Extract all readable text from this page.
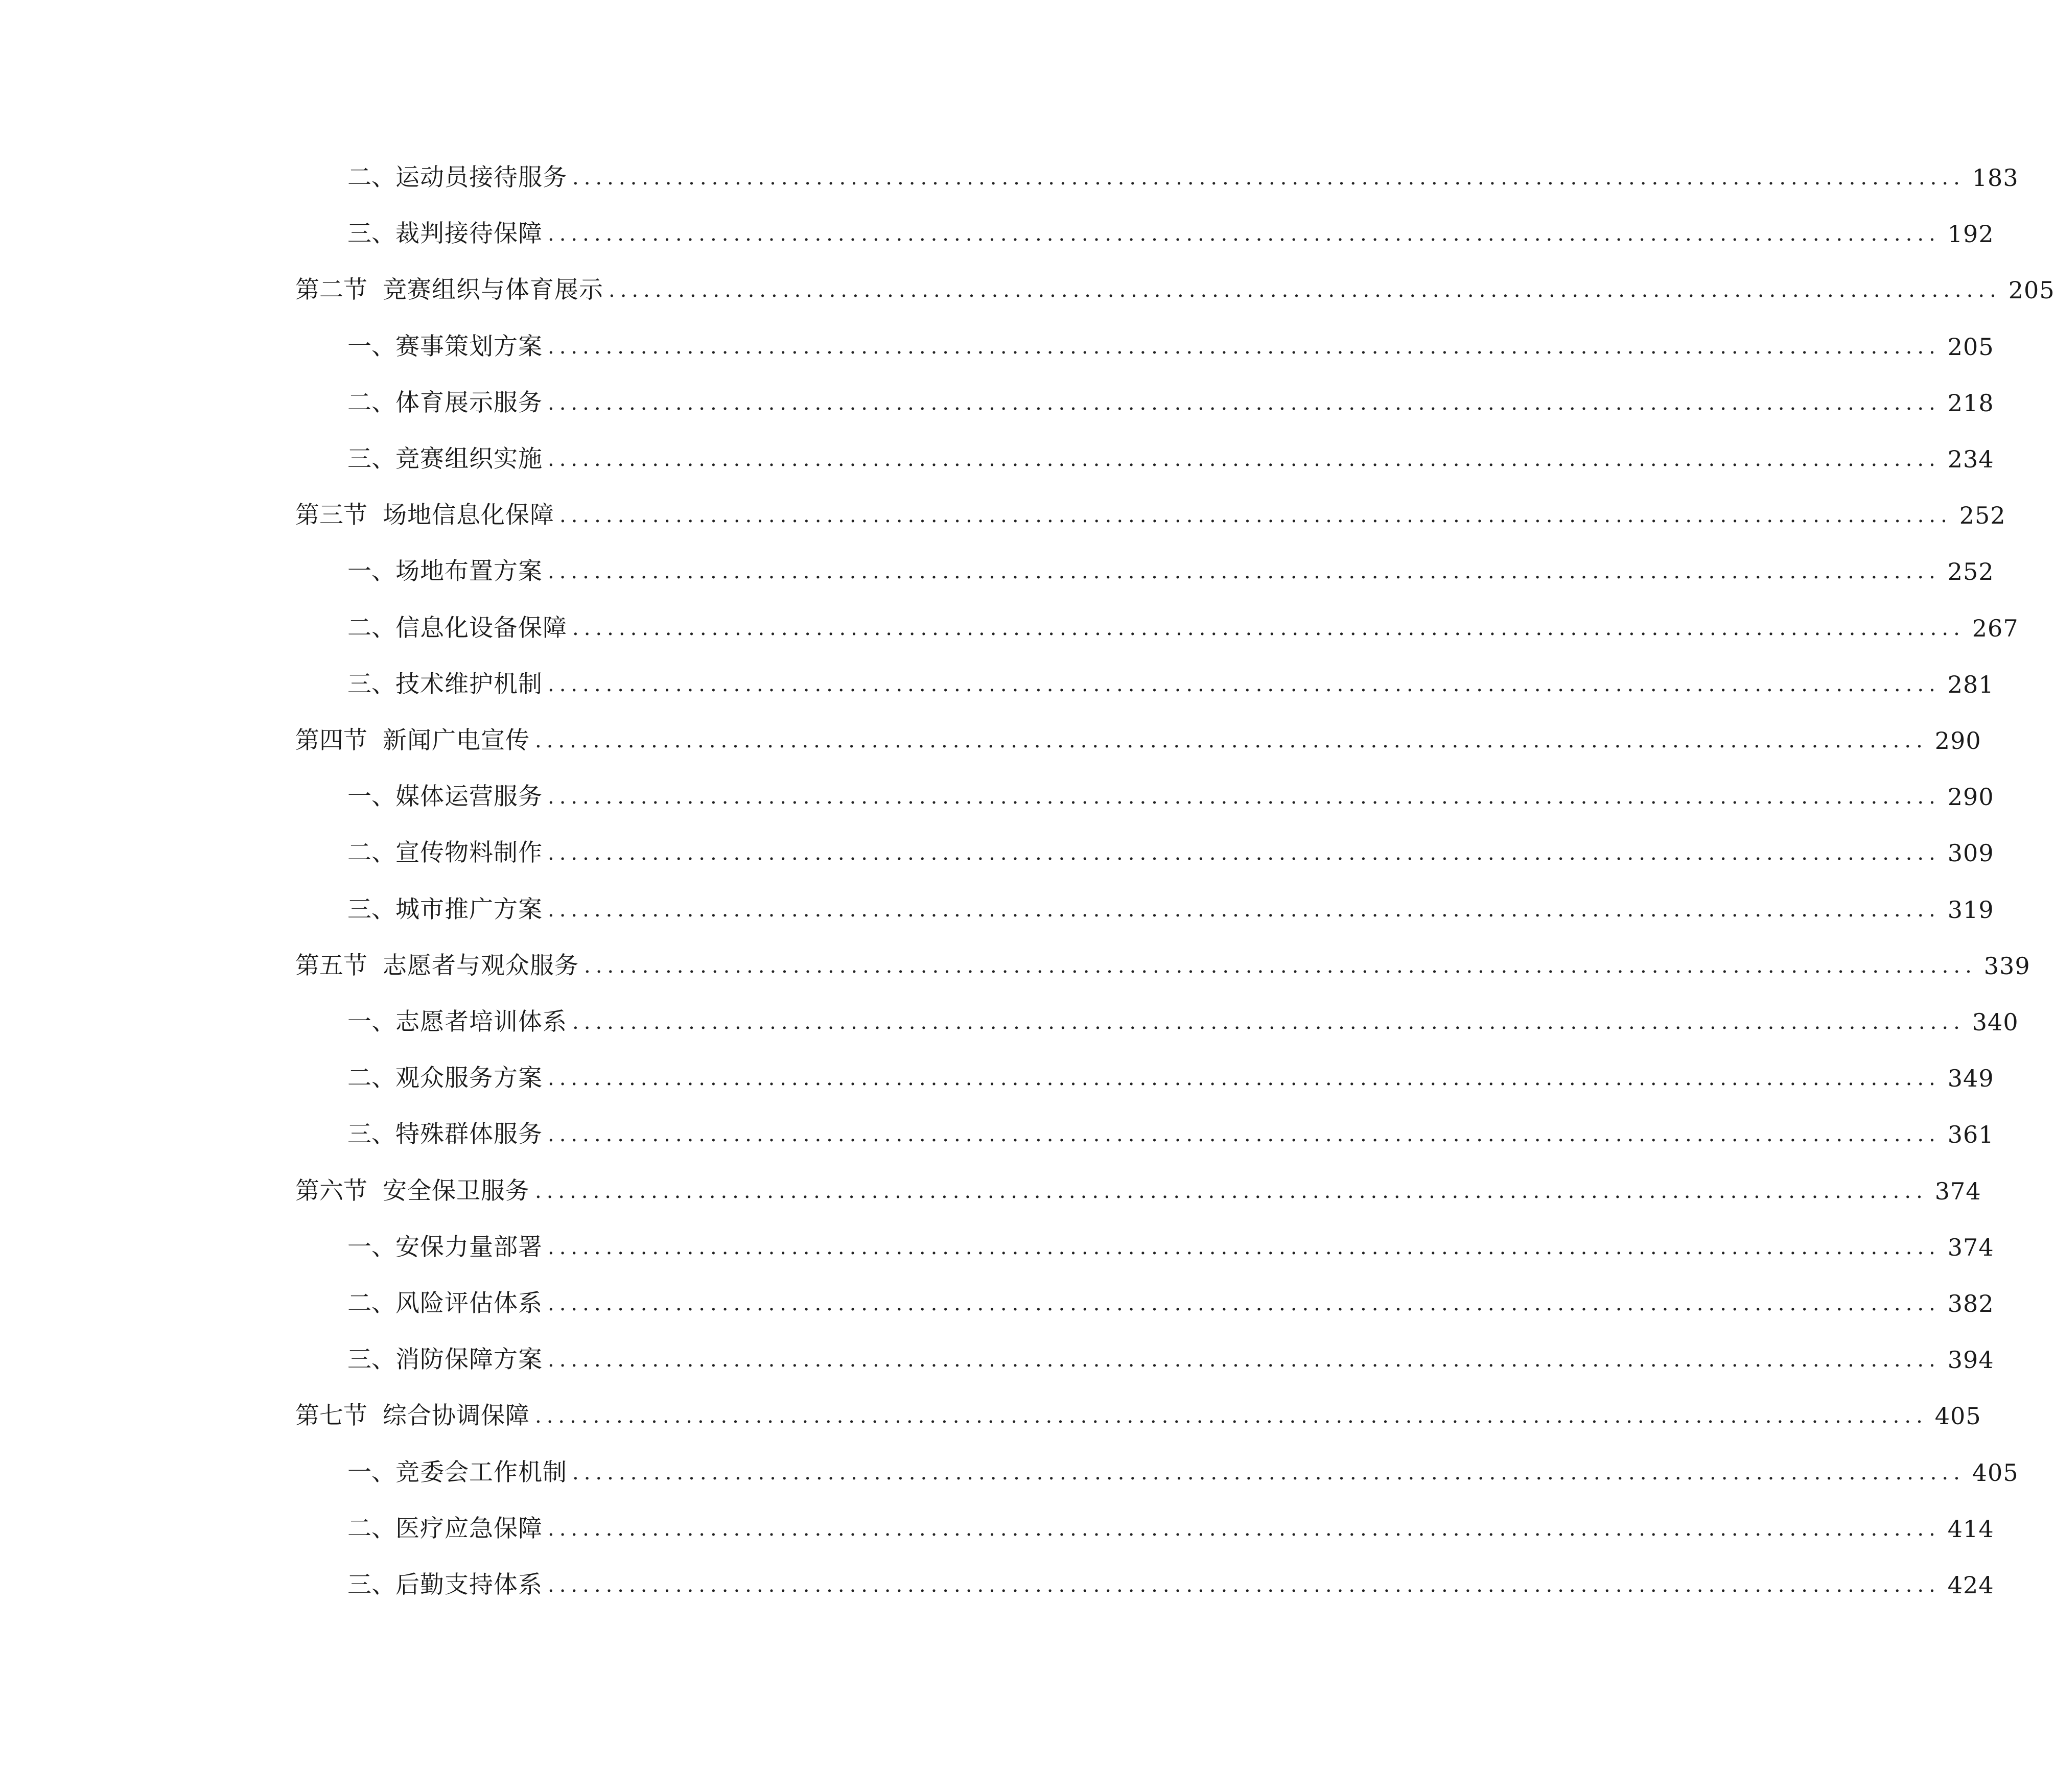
二、 运动员接待服务 ........................................................................................................................ 183
三、 裁判接待保障 ........................................................................................................................ 192
第二节 竞赛组织与体育展示 ........................................................................................................................ 205
一、 赛事策划方案 ........................................................................................................................ 205
二、 体育展示服务 ........................................................................................................................ 218
三、 竞赛组织实施 ........................................................................................................................ 234
第三节 场地信息化保障 ........................................................................................................................ 252
一、 场地布置方案 ........................................................................................................................ 252
二、 信息化设备保障 ........................................................................................................................ 267
三、 技术维护机制 ........................................................................................................................ 281
第四节 新闻广电宣传 ........................................................................................................................ 290
一、 媒体运营服务 ........................................................................................................................ 290
二、 宣传物料制作 ........................................................................................................................ 309
三、 城市推广方案 ........................................................................................................................ 319
第五节 志愿者与观众服务 ........................................................................................................................ 339
一、 志愿者培训体系 ........................................................................................................................ 340
二、 观众服务方案 ........................................................................................................................ 349
三、 特殊群体服务 ........................................................................................................................ 361
第六节 安全保卫服务 ........................................................................................................................ 374
一、 安保力量部署 ........................................................................................................................ 374
二、 风险评估体系 ........................................................................................................................ 382
三、 消防保障方案 ........................................................................................................................ 394
第七节 综合协调保障 ........................................................................................................................ 405
一、 竞委会工作机制 ........................................................................................................................ 405
二、 医疗应急保障 ........................................................................................................................ 414
三、 后勤支持体系 ........................................................................................................................ 424
